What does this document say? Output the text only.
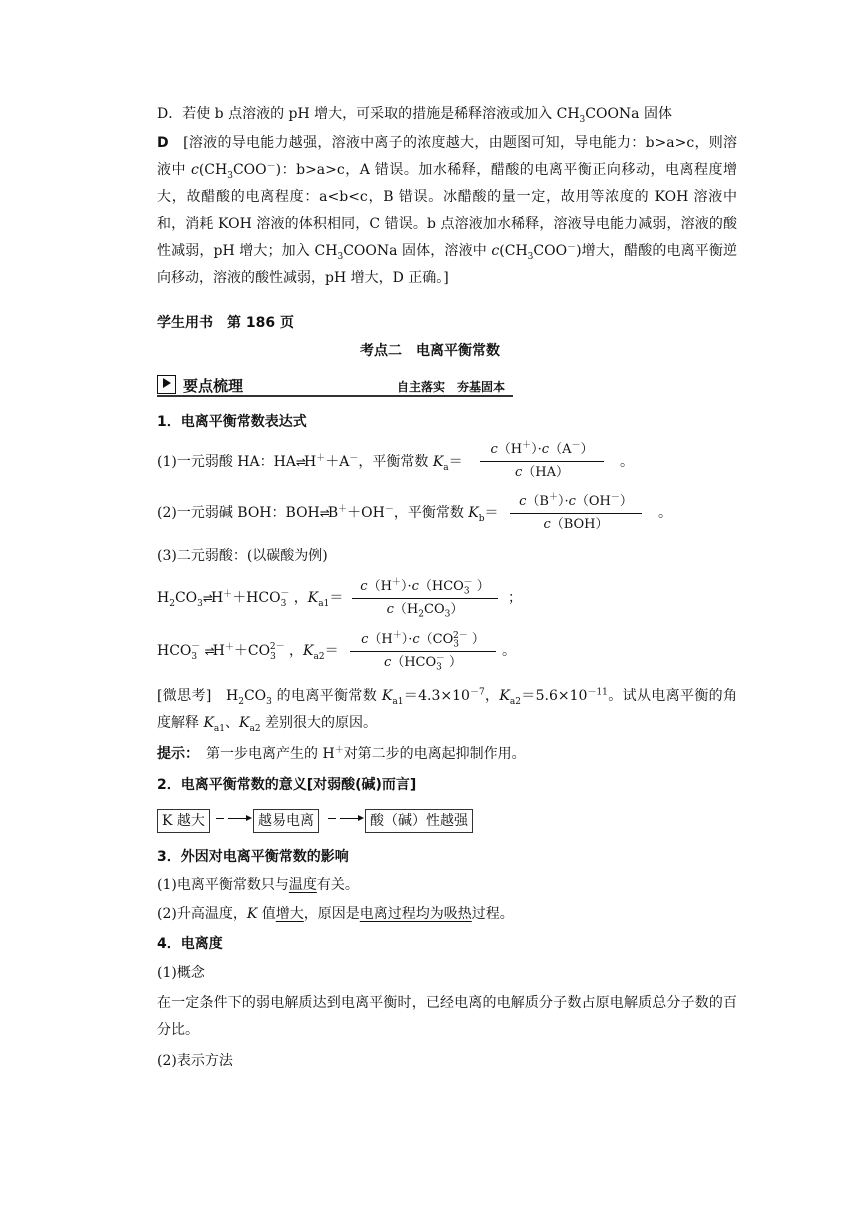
D．若使 b 点溶液的 pH 增大，可采取的措施是稀释溶液或加入 $CH_3COONa$ 固体
D　[溶液的导电能力越强，溶液中离子的浓度越大，由题图可知，导电能力：b>a>c，则溶液中 $c(CH_3COO^-)$：b>a>c，A 错误。加水稀释，醋酸的电离平衡正向移动，电离程度增大，故醋酸的电离程度：a<b<c，B 错误。冰醋酸的量一定，故用等浓度的 KOH 溶液中和，消耗 KOH 溶液的体积相同，C 错误。b 点溶液加水稀释，溶液导电能力减弱，溶液的酸性减弱，pH 增大；加入 $CH_3COONa$ 固体，溶液中 $c(CH_3COO^-)$增大，醋酸的电离平衡逆向移动，溶液的酸性减弱，pH 增大，D 正确。]
学生用书　第 186 页
考点二　电离平衡常数
要点梳理	自主落实　夯基固本
1．电离平衡常数表达式
(1)一元弱酸 HA：HA⇌H＋＋A－，平衡常数 $K_a=$
c（H＋）·c（A－）
c（HA）
。
(2)一元弱碱 BOH：BOH⇌B＋＋OH－，平衡常数 $K_b=$
c（B＋）·c（OH－）
c（BOH）
。
(3)二元弱酸：(以碳酸为例)
$H_2CO_3\rightleftharpoons H^++HCO_3^-$ ，$K_{a1}=$
$c(H^+)\cdot c(HCO_3^-$ ）
$c(H_2CO_3)$
；
$HCO_3^-$ $\rightleftharpoons H^++CO_3^{2-}$ ，$K_{a2}=$
$c(H^+)\cdot c(CO_3^{2-}$ ）
$c(HCO_3^-$ ）
。
[微思考]　$H_2CO_3$ 的电离平衡常数 $K_{a1}=4.3\times 10^{-7}$，$K_{a2}=5.6\times 10^{-11}$。试从电离平衡的角度解释 $K_{a1}$、$K_{a2}$ 差别很大的原因。
提示：　第一步电离产生的 H＋对第二步的电离起抑制作用。
2．电离平衡常数的意义[对弱酸(碱)而言]
K 越大	越易电离	酸（碱）性越强
3．外因对电离平衡常数的影响
(1)电离平衡常数只与温度有关。
(2)升高温度，K 值增大，原因是电离过程均为吸热过程。
4．电离度
(1)概念
在一定条件下的弱电解质达到电离平衡时，已经电离的电解质分子数占原电解质总分子数的百分比。
(2)表示方法
